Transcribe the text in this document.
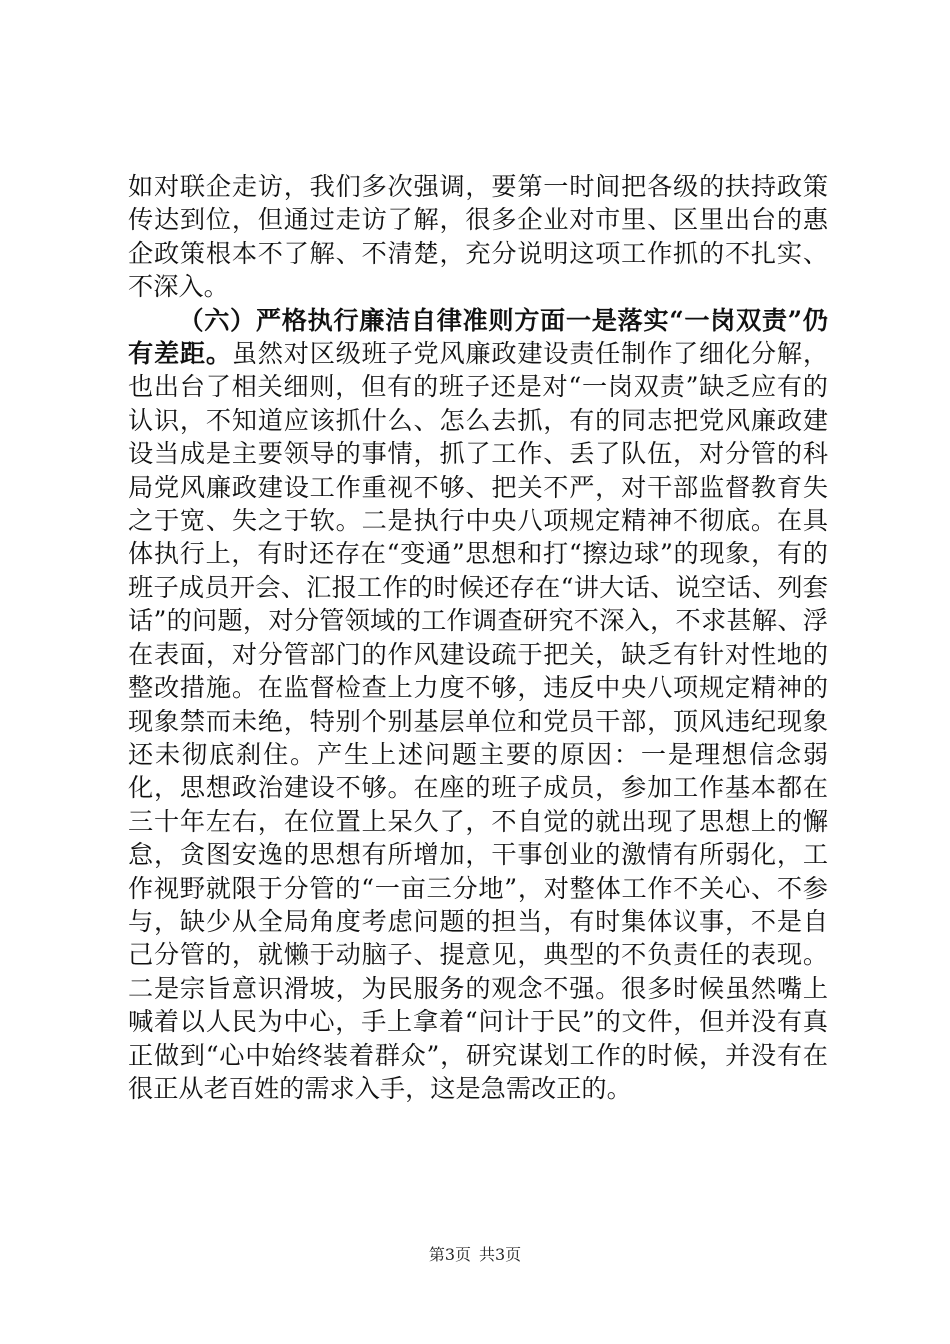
如对联企走访，我们多次强调，要第一时间把各级的扶持政策传达到位，但通过走访了解，很多企业对市里、区里出台的惠企政策根本不了解、不清楚，充分说明这项工作抓的不扎实、不深入。

（六）严格执行廉洁自律准则方面一是落实“一岗双责”仍有差距。虽然对区级班子党风廉政建设责任制作了细化分解，也出台了相关细则，但有的班子还是对“一岗双责”缺乏应有的认识，不知道应该抓什么、怎么去抓，有的同志把党风廉政建设当成是主要领导的事情，抓了工作、丢了队伍，对分管的科局党风廉政建设工作重视不够、把关不严，对干部监督教育失之于宽、失之于软。二是执行中央八项规定精神不彻底。在具体执行上，有时还存在“变通”思想和打“擦边球”的现象，有的班子成员开会、汇报工作的时候还存在“讲大话、说空话、列套话”的问题，对分管领域的工作调查研究不深入，不求甚解、浮在表面，对分管部门的作风建设疏于把关，缺乏有针对性地的整改措施。在监督检查上力度不够，违反中央八项规定精神的现象禁而未绝，特别个别基层单位和党员干部，顶风违纪现象还未彻底刹住。产生上述问题主要的原因：一是理想信念弱化，思想政治建设不够。在座的班子成员，参加工作基本都在三十年左右，在位置上呆久了，不自觉的就出现了思想上的懈怠，贪图安逸的思想有所增加，干事创业的激情有所弱化，工作视野就限于分管的“一亩三分地”，对整体工作不关心、不参与，缺少从全局角度考虑问题的担当，有时集体议事，不是自己分管的，就懒于动脑子、提意见，典型的不负责任的表现。二是宗旨意识滑坡，为民服务的观念不强。很多时候虽然嘴上喊着以人民为中心，手上拿着“问计于民”的文件，但并没有真正做到“心中始终装着群众”，研究谋划工作的时候，并没有在很正从老百姓的需求入手，这是急需改正的。

第3页 共3页
